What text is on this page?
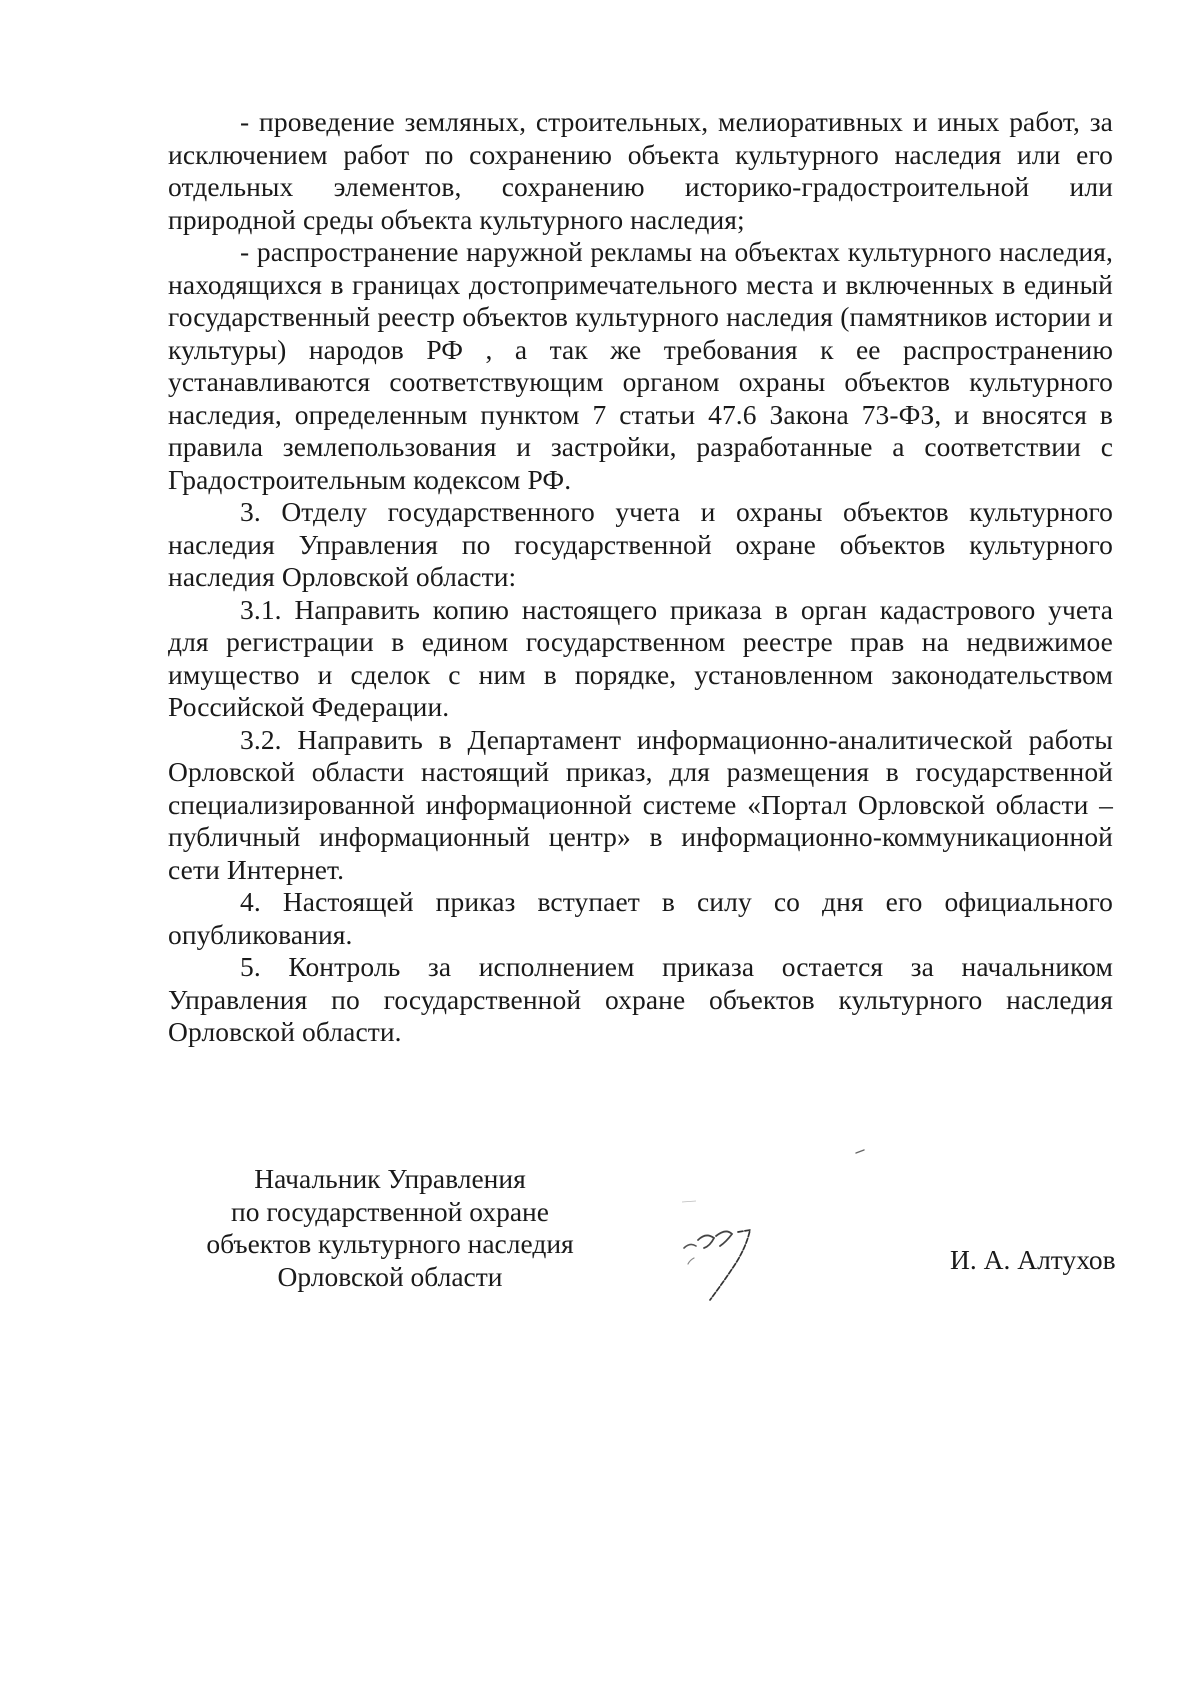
- проведение земляных, строительных, мелиоративных и иных работ, за исключением работ по сохранению объекта культурного наследия или его отдельных элементов, сохранению историко-градостроительной или природной среды объекта культурного наследия;

- распространение наружной рекламы на объектах культурного наследия, находящихся в границах достопримечательного места и включенных в единый государственный реестр объектов культурного наследия (памятников истории и культуры) народов РФ , а так же требования к ее распространению устанавливаются соответствующим органом охраны объектов культурного наследия, определенным пунктом 7 статьи 47.6 Закона 73-ФЗ, и вносятся в правила землепользования и застройки, разработанные а соответствии с Градостроительным кодексом РФ.

3. Отделу государственного учета и охраны объектов культурного наследия Управления по государственной охране объектов культурного наследия Орловской области:

3.1. Направить копию настоящего приказа в орган кадастрового учета для регистрации в едином государственном реестре прав на недвижимое имущество и сделок с ним в порядке, установленном законодательством Российской Федерации.

3.2. Направить в Департамент информационно-аналитической работы Орловской области настоящий приказ, для размещения в государственной специализированной информационной системе «Портал Орловской области – публичный информационный центр» в информационно-коммуникационной сети Интернет.

4. Настоящей приказ вступает в силу со дня его официального опубликования.

5. Контроль за исполнением приказа остается за начальником Управления по государственной охране объектов культурного наследия Орловской области.

Начальник Управления
по государственной охране
объектов культурного наследия
Орловской области
И. А. Алтухов
